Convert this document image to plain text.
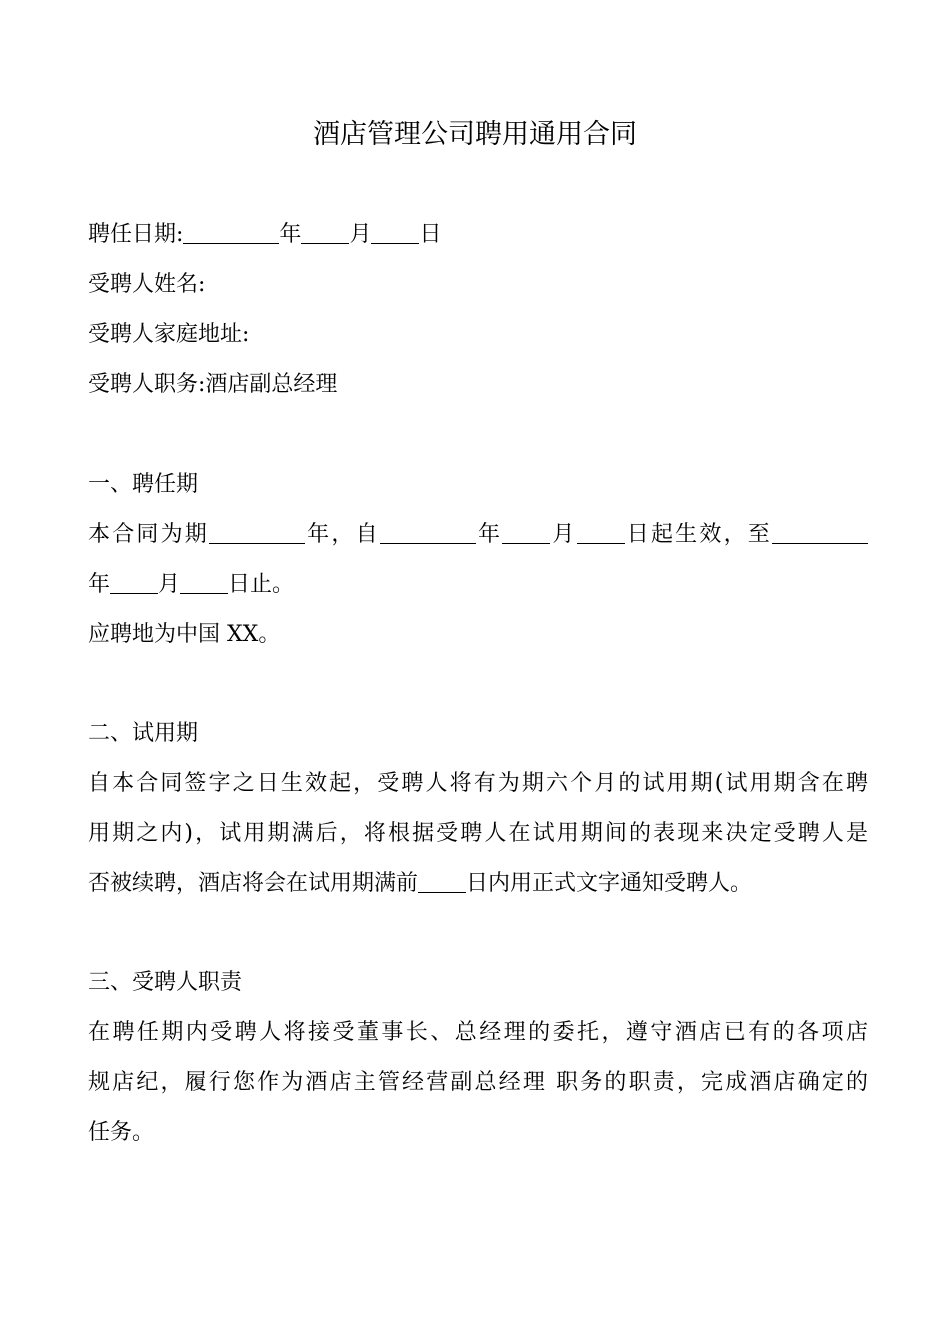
酒店管理公司聘用通用合同
聘任日期:	年 月 日
受聘人姓名:
受聘人家庭地址:
受聘人职务:酒店副总经理
一、聘任期
本合同为期	年，自	年 月 日起生效，至
年 月 日止。
应聘地为中国 XX。
二、试用期
自本合同签字之日生效起，受聘人将有为期六个月的试用期(试用期含在聘
用期之内)，试用期满后，将根据受聘人在试用期间的表现来决定受聘人是
否被续聘，酒店将会在试用期满前 日内用正式文字通知受聘人。
三、受聘人职责
在聘任期内受聘人将接受董事长、总经理的委托，遵守酒店已有的各项店
规店纪，履行您作为酒店主管经营副总经理 职务的职责，完成酒店确定的
任务。
